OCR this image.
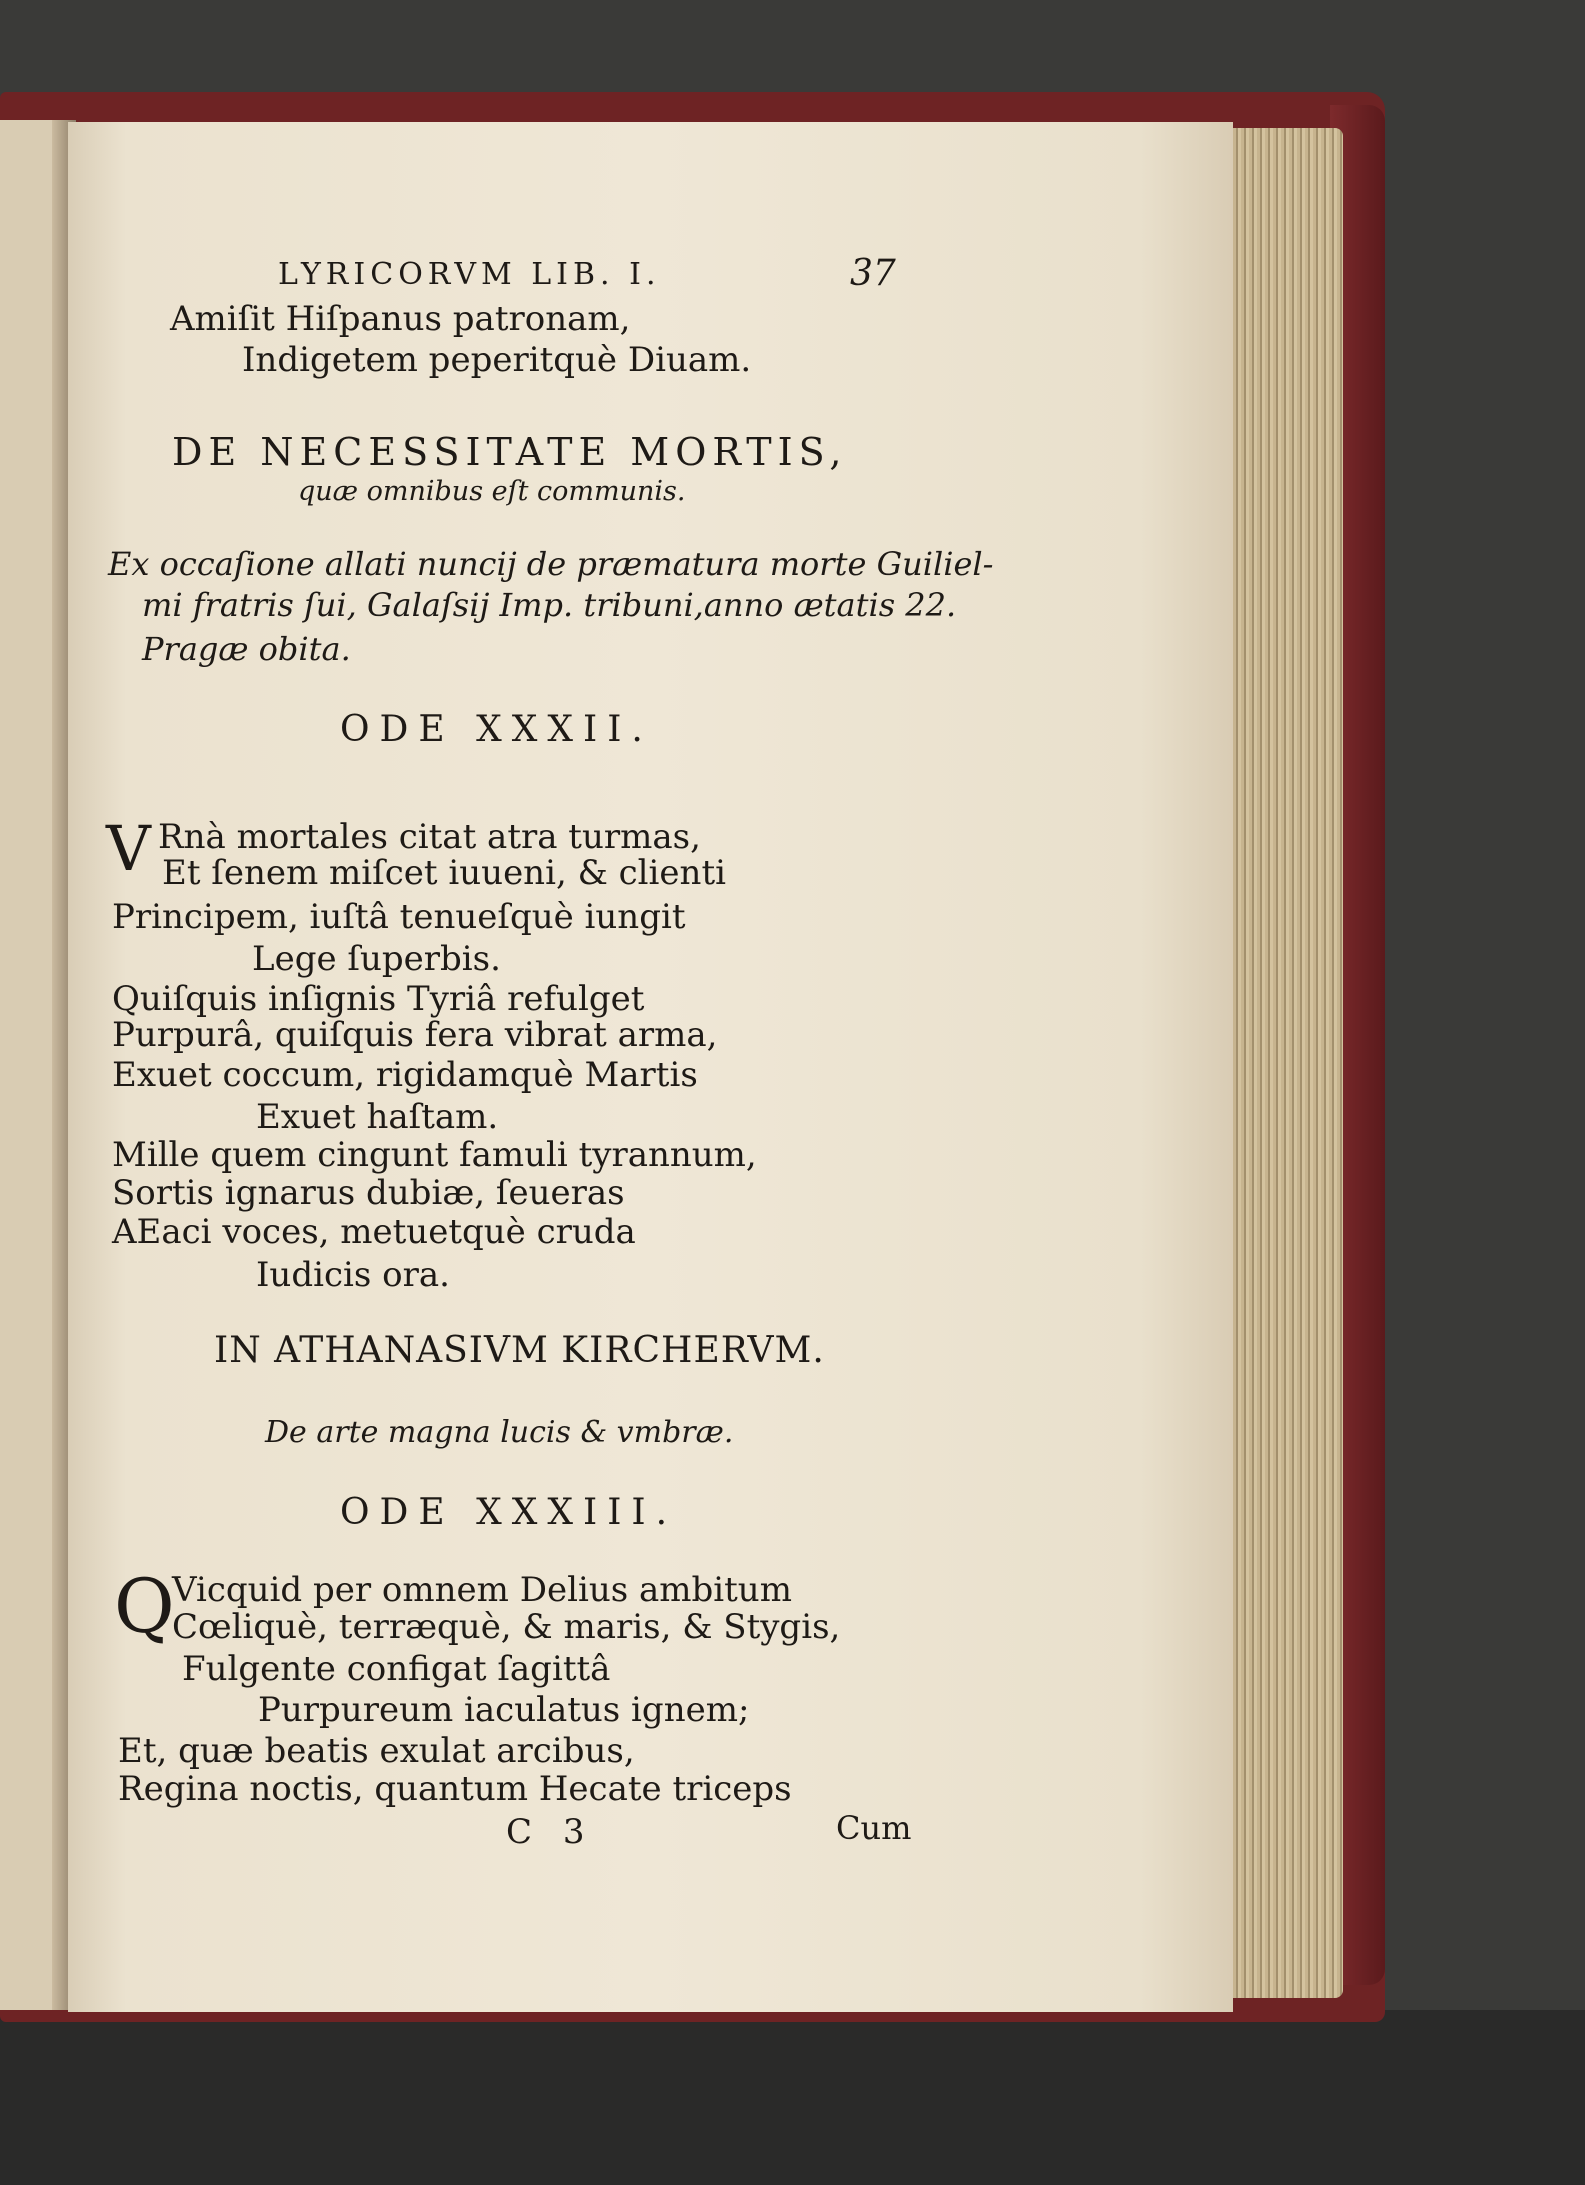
LYRICORVM LIB. I.	37
Amiſit Hiſpanus patronam,
Indigetem peperitquè Diuam.
DE NECESSITATE MORTIS,
quæ omnibus eſt communis.
Ex occaſione allati nuncij de præmatura morte Guiliel-
mi fratris ſui, Galaſsij Imp. tribuni,anno ætatis 22.
Pragæ obita.
ODE XXXII.
V Rnà mortales citat atra turmas,
Et ſenem miſcet iuueni, & clienti
Principem, iuſtâ tenueſquè iungit
Lege ſuperbis.
Quiſquis inſignis Tyriâ refulget
Purpurâ, quiſquis fera vibrat arma,
Exuet coccum, rigidamquè Martis
Exuet haſtam.
Mille quem cingunt famuli tyrannum,
Sortis ignarus dubiæ, ſeueras
AEaci voces, metuetquè cruda
Iudicis ora.
IN ATHANASIVM KIRCHERVM.
De arte magna lucis & vmbræ.
ODE XXXIII.
Q
Vicquid per omnem Delius ambitum
Cœliquè, terræquè, & maris, & Stygis,
Fulgente configat ſagittâ
Purpureum iaculatus ignem;
Et, quæ beatis exulat arcibus,
Regina noctis, quantum Hecate triceps
C 3	Cum
